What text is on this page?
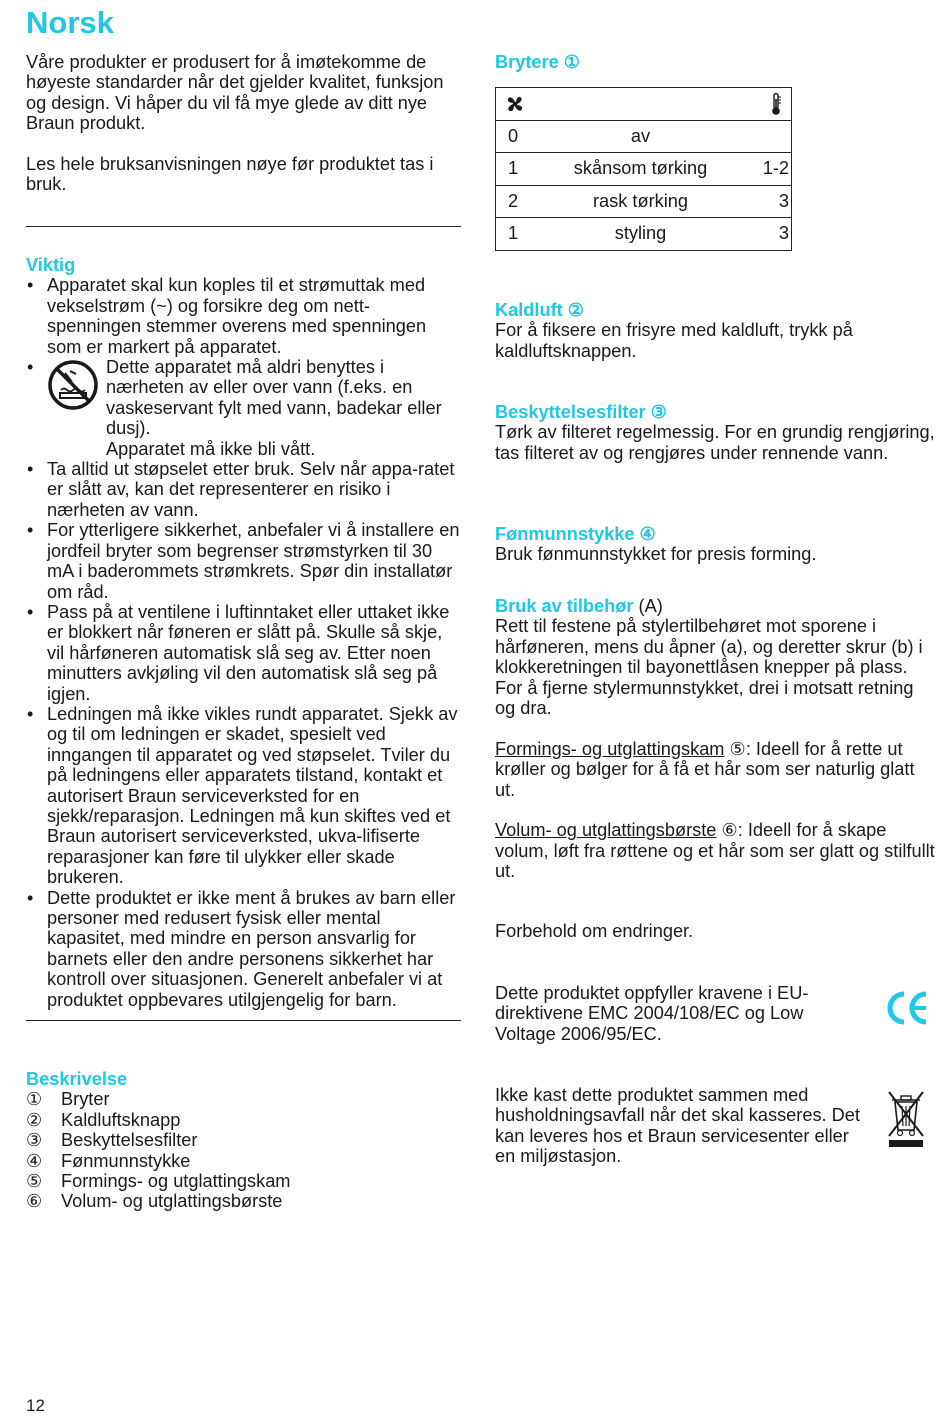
Norsk

Våre produkter er produsert for å imøtekomme de høyeste standarder når det gjelder kvalitet, funksjon og design. Vi håper du vil få mye glede av ditt nye Braun produkt.

Les hele bruksanvisningen nøye før produktet tas i bruk.

Viktig
• Apparatet skal kun koples til et strømuttak med vekselstrøm (~) og forsikre deg om nett-spenningen stemmer overens med spenningen som er markert på apparatet.
• Dette apparatet må aldri benyttes i nærheten av eller over vann (f.eks. en vaskeservant fylt med vann, badekar eller dusj).
Apparatet må ikke bli vått.
• Ta alltid ut støpselet etter bruk. Selv når appa-ratet er slått av, kan det representerer en risiko i nærheten av vann.
• For ytterligere sikkerhet, anbefaler vi å installere en jordfeil bryter som begrenser strømstyrken til 30 mA i baderommets strømkrets. Spør din installatør om råd.
• Pass på at ventilene i luftinntaket eller uttaket ikke er blokkert når føneren er slått på. Skulle så skje, vil hårføneren automatisk slå seg av. Etter noen minutters avkjøling vil den automatisk slå seg på igjen.
• Ledningen må ikke vikles rundt apparatet. Sjekk av og til om ledningen er skadet, spesielt ved inngangen til apparatet og ved støpselet. Tviler du på ledningens eller apparatets tilstand, kontakt et autorisert Braun serviceverksted for en sjekk/reparasjon. Ledningen må kun skiftes ved et Braun autorisert serviceverksted, ukva-lifiserte reparasjoner kan føre til ulykker eller skade brukeren.
• Dette produktet er ikke ment å brukes av barn eller personer med redusert fysisk eller mental kapasitet, med mindre en person ansvarlig for barnets eller den andre personens sikkerhet har kontroll over situasjonen. Generelt anbefaler vi at produktet oppbevares utilgjengelig for barn.
Beskrivelse
①	Bryter
②	Kaldluftsknapp
③	Beskyttelsesfilter
④	Fønmunnstykke
⑤	Formings- og utglattingskam
⑥	Volum- og utglattingsbørste
Brytere ①

0	av

1	skånsom tørking	1-2

2	rask tørking	3

1	styling	3
Kaldluft ②

For å fiksere en frisyre med kaldluft, trykk på kaldluftsknappen.

Beskyttelsesfilter ③

Tørk av filteret regelmessig. For en grundig rengjøring, tas filteret av og rengjøres under rennende vann.

Fønmunnstykke ④

Bruk fønmunnstykket for presis forming.

Bruk av tilbehør (A)

Rett til festene på stylertilbehøret mot sporene i hårføneren, mens du åpner (a), og deretter skrur (b) i klokkeretningen til bayonettlåsen knepper på plass. For å fjerne stylermunnstykket, drei i motsatt retning og dra.

Formings- og utglattingskam ⑤: Ideell for å rette ut krøller og bølger for å få et hår som ser naturlig glatt ut.

Volum- og utglattingsbørste ⑥: Ideell for å skape volum, løft fra røttene og et hår som ser glatt og stilfullt ut.

Forbehold om endringer.

Dette produktet oppfyller kravene i EU-direktivene EMC 2004/108/EC og Low Voltage 2006/95/EC.

Ikke kast dette produktet sammen med husholdningsavfall når det skal kasseres. Det kan leveres hos et Braun servicesenter eller en miljøstasjon.

12
